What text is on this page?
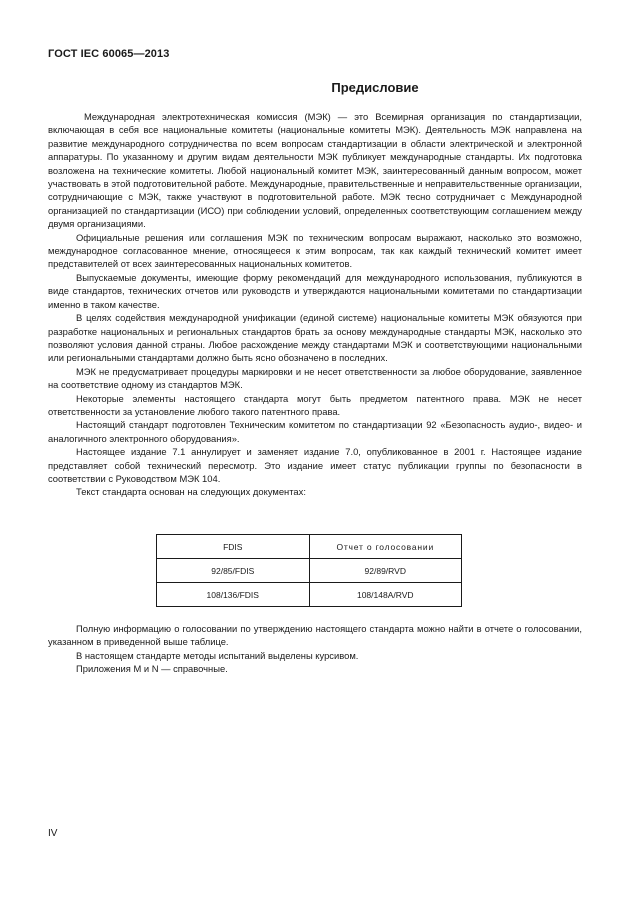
ГОСТ IEC 60065—2013
Предисловие

Международная электротехническая комиссия (МЭК) — это Всемирная организация по стандартизации, включающая в себя все национальные комитеты (национальные комитеты МЭК). Деятельность МЭК направлена на развитие международного сотрудничества по всем вопросам стандартизации в области электрической и электронной аппаратуры. По указанному и другим видам деятельности МЭК публикует международные стандарты. Их подготовка возложена на технические комитеты. Любой национальный комитет МЭК, заинтересованный данным вопросом, может участвовать в этой подготовительной работе. Международные, правительственные и неправительственные организации, сотрудничающие с МЭК, также участвуют в подготовительной работе. МЭК тесно сотрудничает с Международной организацией по стандартизации (ИСО) при соблюдении условий, определенных соответствующим соглашением между двумя организациями.

Официальные решения или соглашения МЭК по техническим вопросам выражают, насколько это возможно, международное согласованное мнение, относящееся к этим вопросам, так как каждый технический комитет имеет представителей от всех заинтересованных национальных комитетов.

Выпускаемые документы, имеющие форму рекомендаций для международного использования, публикуются в виде стандартов, технических отчетов или руководств и утверждаются национальными комитетами по стандартизации именно в таком качестве.

В целях содействия международной унификации (единой системе) национальные комитеты МЭК обязуются при разработке национальных и региональных стандартов брать за основу международные стандарты МЭК, насколько это позволяют условия данной страны. Любое расхождение между стандартами МЭК и соответствующими национальными или региональными стандартами должно быть ясно обозначено в последних.

МЭК не предусматривает процедуры маркировки и не несет ответственности за любое оборудование, заявленное на соответствие одному из стандартов МЭК.

Некоторые элементы настоящего стандарта могут быть предметом патентного права. МЭК не несет ответственности за установление любого такого патентного права.

Настоящий стандарт подготовлен Техническим комитетом по стандартизации 92 «Безопасность аудио-, видео- и аналогичного электронного оборудования».

Настоящее издание 7.1 аннулирует и заменяет издание 7.0, опубликованное в 2001 г. Настоящее издание представляет собой технический пересмотр. Это издание имеет статус публикации группы по безопасности в соответствии с Руководством МЭК 104.

Текст стандарта основан на следующих документах:

FDIS	Отчет о голосовании
92/85/FDIS	92/89/RVD
108/136/FDIS	108/148A/RVD

Полную информацию о голосовании по утверждению настоящего стандарта можно найти в отчете о голосовании, указанном в приведенной выше таблице.

В настоящем стандарте методы испытаний выделены курсивом.

Приложения M и N — справочные.

IV
